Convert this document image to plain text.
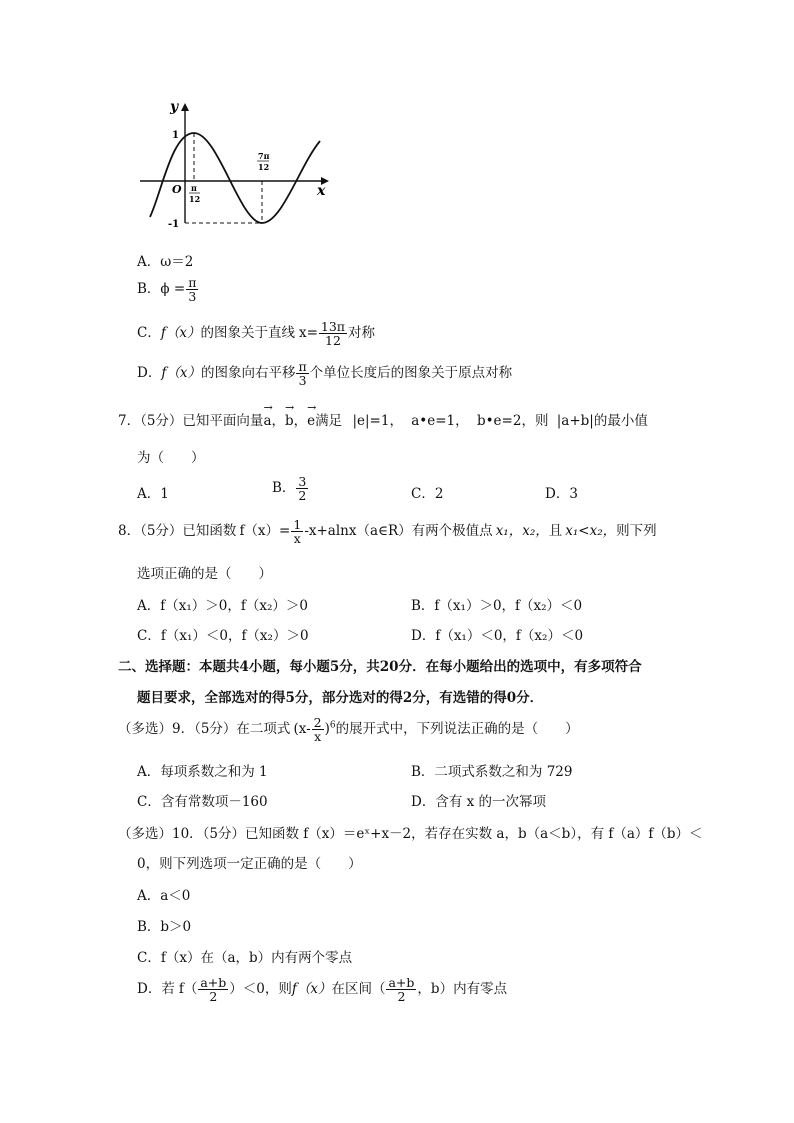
y
x
O
1
-1
π
12
7π
12
A．ω＝2
B．$\phi = \frac{\pi}{3}$
C．f（x）的图象关于直线 $x= \frac{13\pi}{12}$ 对称
D．f（x）的图象向右平移 $\frac{\pi}{3}$ 个单位长度后的图象关于原点对称
7．（5分）已知平面向量→ a，→ b，→ e满足 |e|=1， a•e=1， b•e=2，则 |a+b|的最小值
为（　　）
A．1	B． $\frac{3}{2}$	C．2	D．3
8．（5分）已知函数 $f(x)= \frac{1}{x}$ -x+alnx（a∈R）有两个极值点 x₁，x₂，且 x₁<x₂，则下列
选项正确的是（　　）
A．f（x₁）＞0，f（x₂）＞0	B．f（x₁）＞0，f（x₂）＜0
C．f（x₁）＜0，f（x₂）＞0	D．f（x₁）＜0，f（x₂）＜0
二、选择题：本题共4小题，每小题5分，共20分．在每小题给出的选项中，有多项符合
题目要求，全部选对的得5分，部分选对的得2分，有选错的得0分．
（多选）9．（5分）在二项式 $(x- \frac{2}{x} )^6$的展开式中，下列说法正确的是（　　）
A．每项系数之和为 1	B．二项式系数之和为 729
C．含有常数项－160	D．含有 x 的一次幂项
（多选）10．（5分）已知函数 f（x）＝eˣ+x－2，若存在实数 a，b（a＜b），有 f（a）f（b）＜
0，则下列选项一定正确的是（　　）
A．a＜0
B．b＞0
C．f（x）在（a，b）内有两个零点
D．若 $f( \frac{a+b}{2} )<0$，则f（x）在区间（ $\frac{a+b}{2}$ ，b）内有零点
